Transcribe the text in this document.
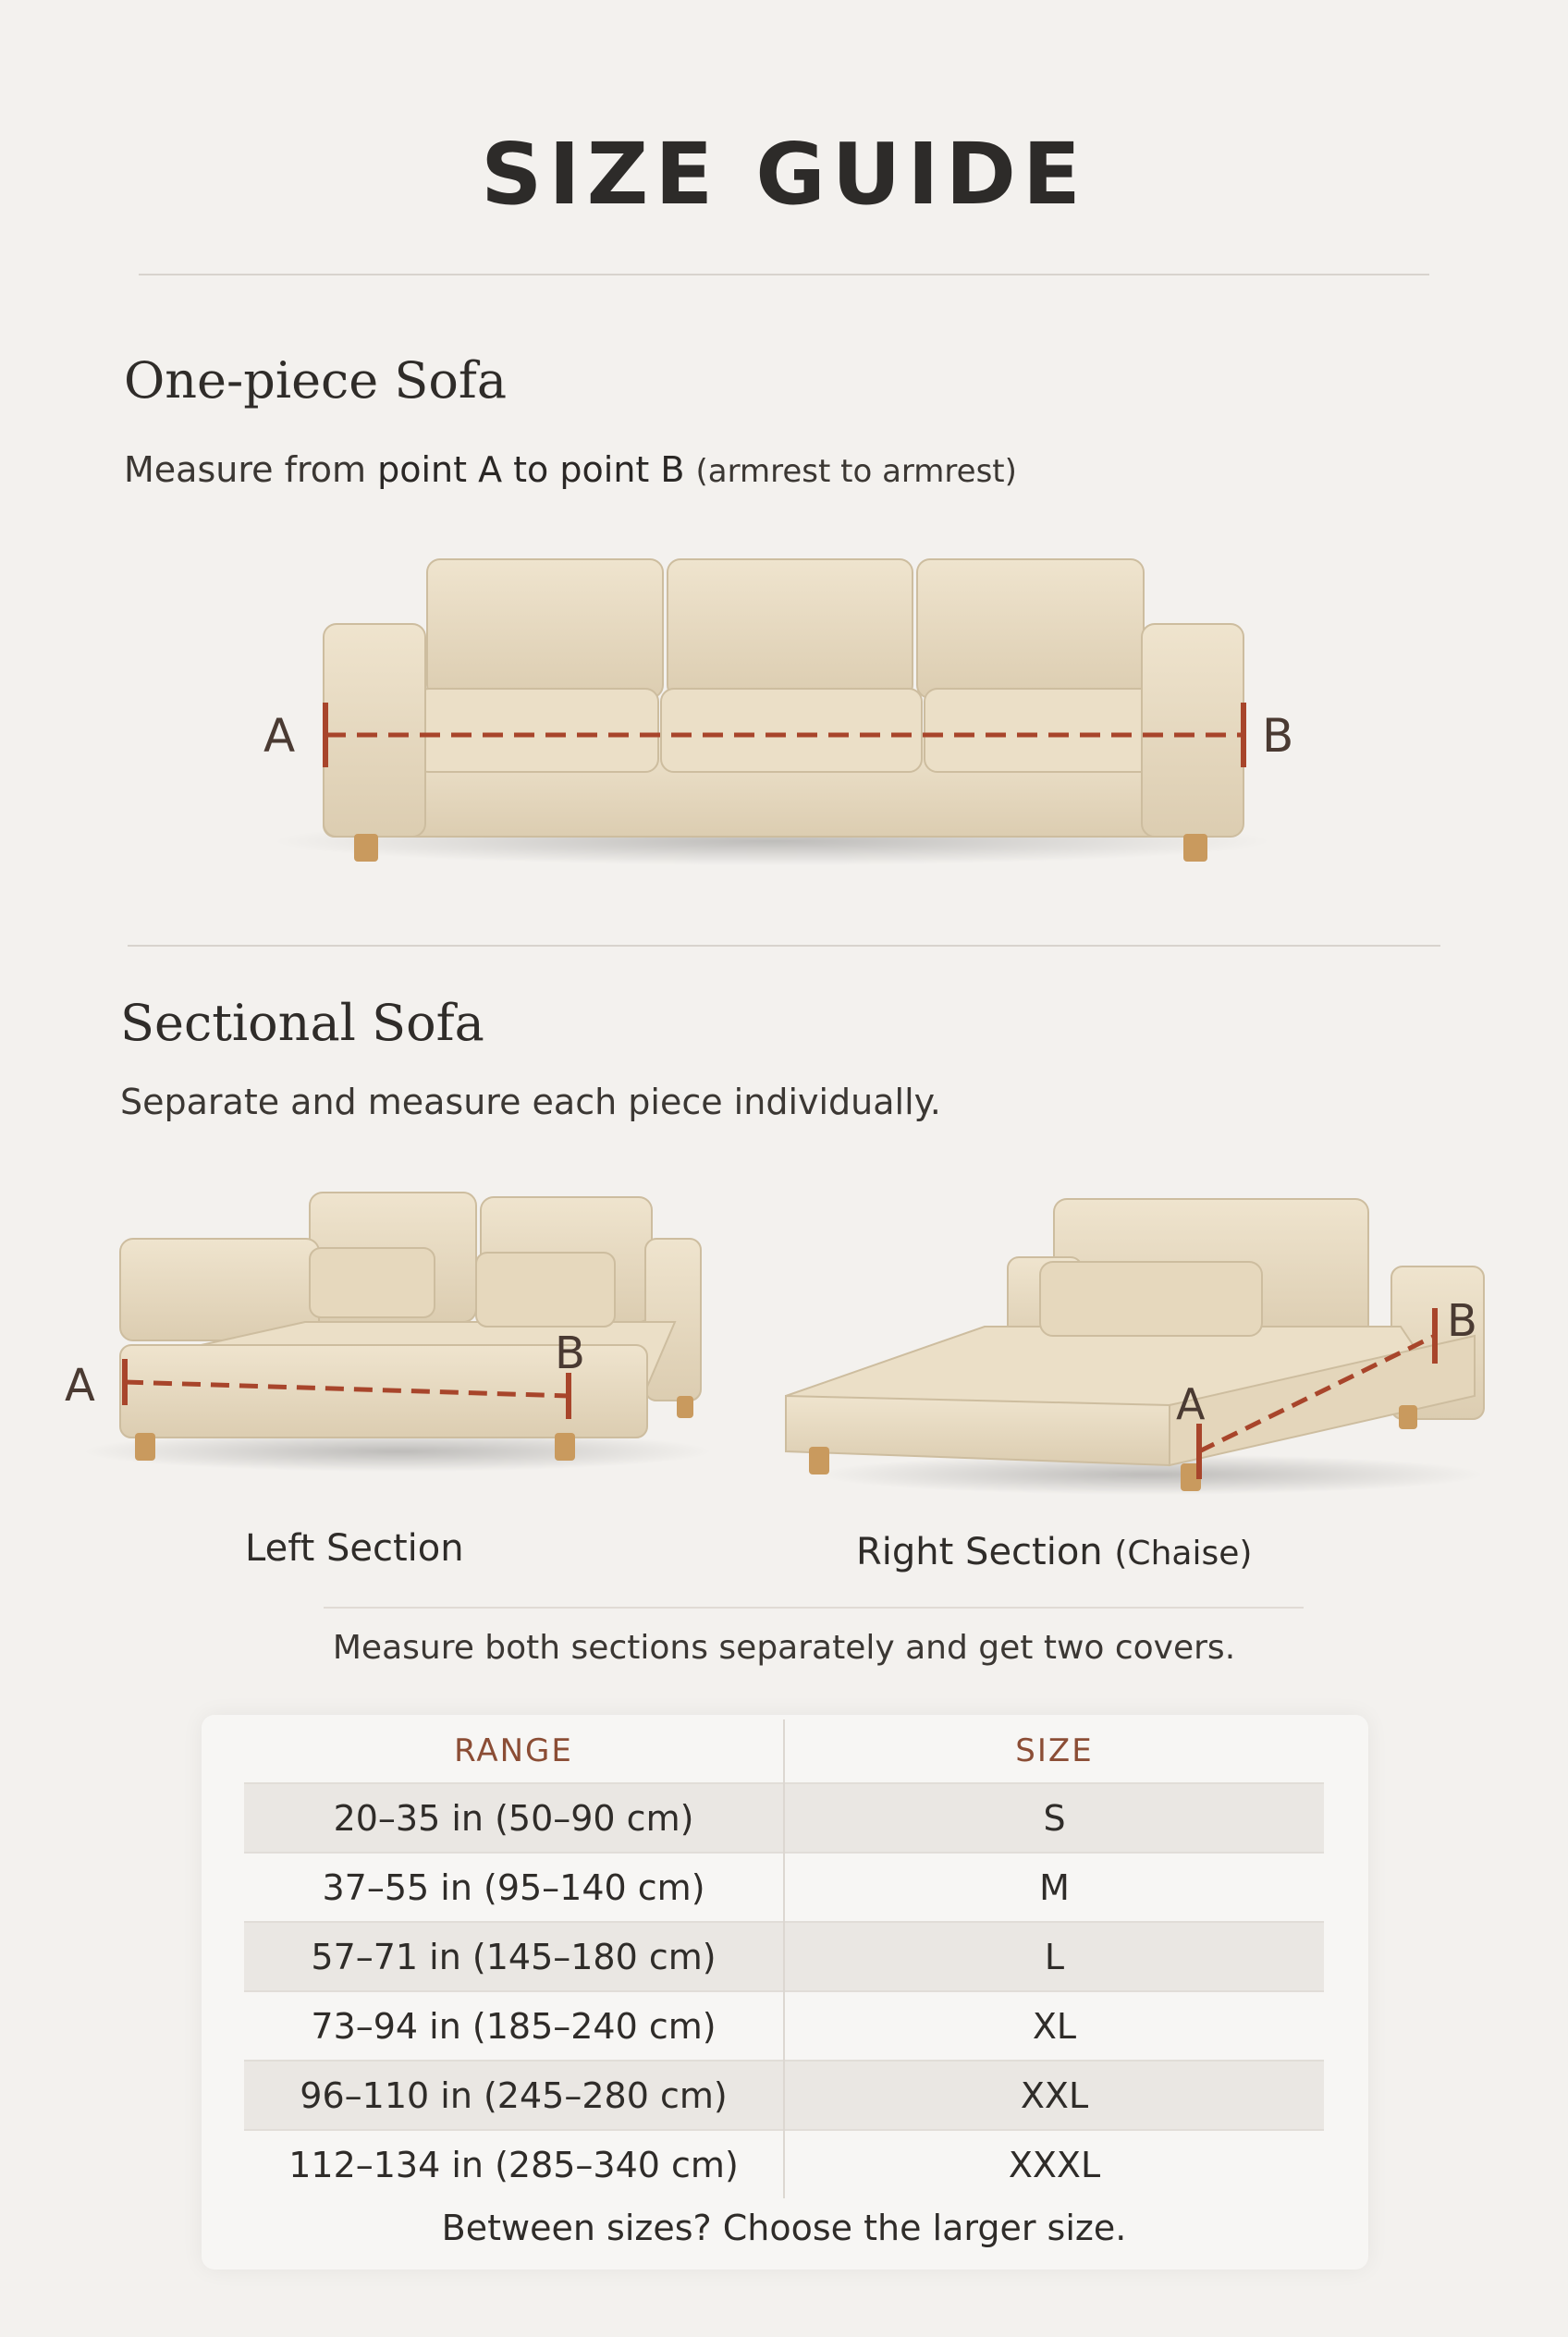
SIZE GUIDE
One-piece Sofa
Measure from point A to point B (armrest to armrest)
A	B
Sectional Sofa
Separate and measure each piece individually.
A
B
A
B
Left Section	Right Section (Chaise)
Measure both sections separately and get two covers.
RANGE	SIZE
20–35 in (50–90 cm)	S
37–55 in (95–140 cm)	M
57–71 in (145–180 cm)	L
73–94 in (185–240 cm)	XL
96–110 in (245–280 cm)	XXL
112–134 in (285–340 cm)	XXXL
Between sizes? Choose the larger size.
